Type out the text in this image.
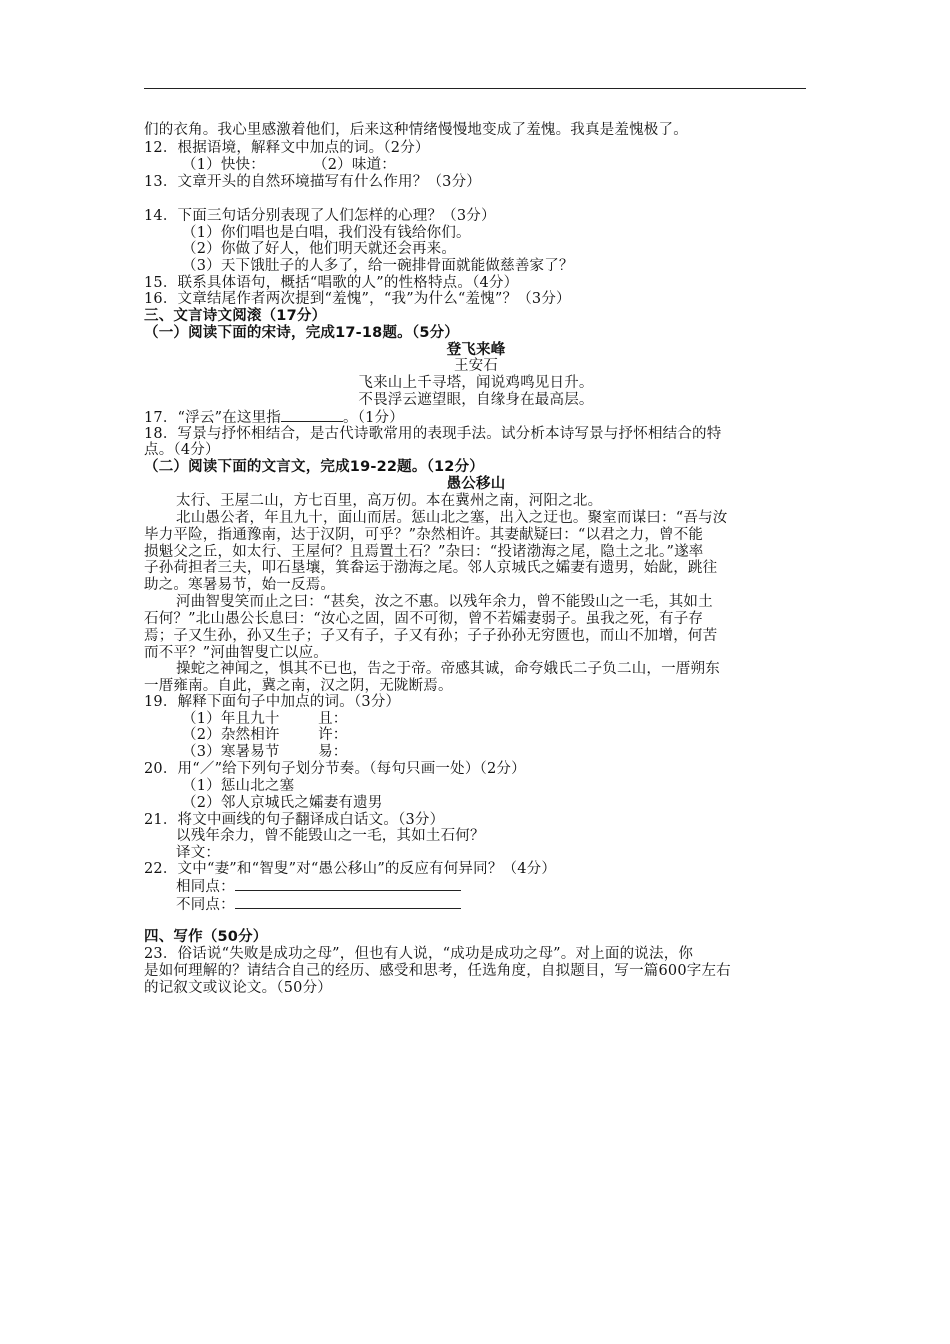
们的衣角。我心里感激着他们，后来这种情绪慢慢地变成了羞愧。我真是羞愧极了。
12．根据语境，解释文中加点的词。（2分）
（1）快快：          （2）味道：
13．文章开头的自然环境描写有什么作用？（3分）
14．下面三句话分别表现了人们怎样的心理？（3分）
（1）你们唱也是白唱，我们没有钱给你们。
（2）你做了好人，他们明天就还会再来。
（3）天下饿肚子的人多了，给一碗排骨面就能做慈善家了？
15．联系具体语句，概括“唱歌的人”的性格特点。（4分）
16．文章结尾作者两次提到“羞愧”，“我”为什么“羞愧”？（3分）
三、文言诗文阅滚（17分）
（一）阅读下面的宋诗，完成17-18题。（5分）
登飞来峰
王安石
飞来山上千寻塔，闻说鸡鸣见日升。
不畏浮云遮望眼，自缘身在最高层。
17．“浮云”在这里指	。（1分）
18．写景与抒怀相结合，是古代诗歌常用的表现手法。试分析本诗写景与抒怀相结合的特
点。（4分）
（二）阅读下面的文言文，完成19-22题。（12分）
愚公移山
太行、王屋二山，方七百里，高万仞。本在冀州之南，河阳之北。
北山愚公者，年且九十，面山而居。惩山北之塞，出入之迂也。聚室而谋曰：“吾与汝
毕力平险，指通豫南，达于汉阴，可乎？”杂然相许。其妻献疑曰：“以君之力，曾不能
损魁父之丘，如太行、王屋何？且焉置土石？”杂曰：“投诸渤海之尾，隐土之北。”遂率
子孙荷担者三夫，叩石垦壤，箕畚运于渤海之尾。邻人京城氏之孀妻有遗男，始龀，跳往
助之。寒暑易节，始一反焉。
河曲智叟笑而止之曰：“甚矣，汝之不惠。以残年余力，曾不能毁山之一毛，其如土
石何？”北山愚公长息曰：“汝心之固，固不可彻，曾不若孀妻弱子。虽我之死，有子存
焉；子又生孙，孙又生子；子又有子，子又有孙；子子孙孙无穷匮也，而山不加增，何苦
而不平？”河曲智叟亡以应。
操蛇之神闻之，惧其不已也，告之于帝。帝感其诚，命夸娥氏二子负二山，一厝朔东
一厝雍南。自此，冀之南，汉之阴，无陇断焉。
19．解释下面句子中加点的词。（3分）
（1）年且九十        且：
（2）杂然相许        许：
（3）寒暑易节        易：
20．用“／”给下列句子划分节奏。（每句只画一处）（2分）
（1）惩山北之塞
（2）邻人京城氏之孀妻有遗男
21．将文中画线的句子翻译成白话文。（3分）
以残年余力，曾不能毁山之一毛，其如土石何？
译文：
22．文中“妻”和“智叟”对“愚公移山”的反应有何异同？（4分）
相同点：
不同点：
四、写作（50分）
23．俗话说“失败是成功之母”，但也有人说，“成功是成功之母”。对上面的说法，你
是如何理解的？请结合自己的经历、感受和思考，任选角度，自拟题目，写一篇600字左右
的记叙文或议论文。（50分）
